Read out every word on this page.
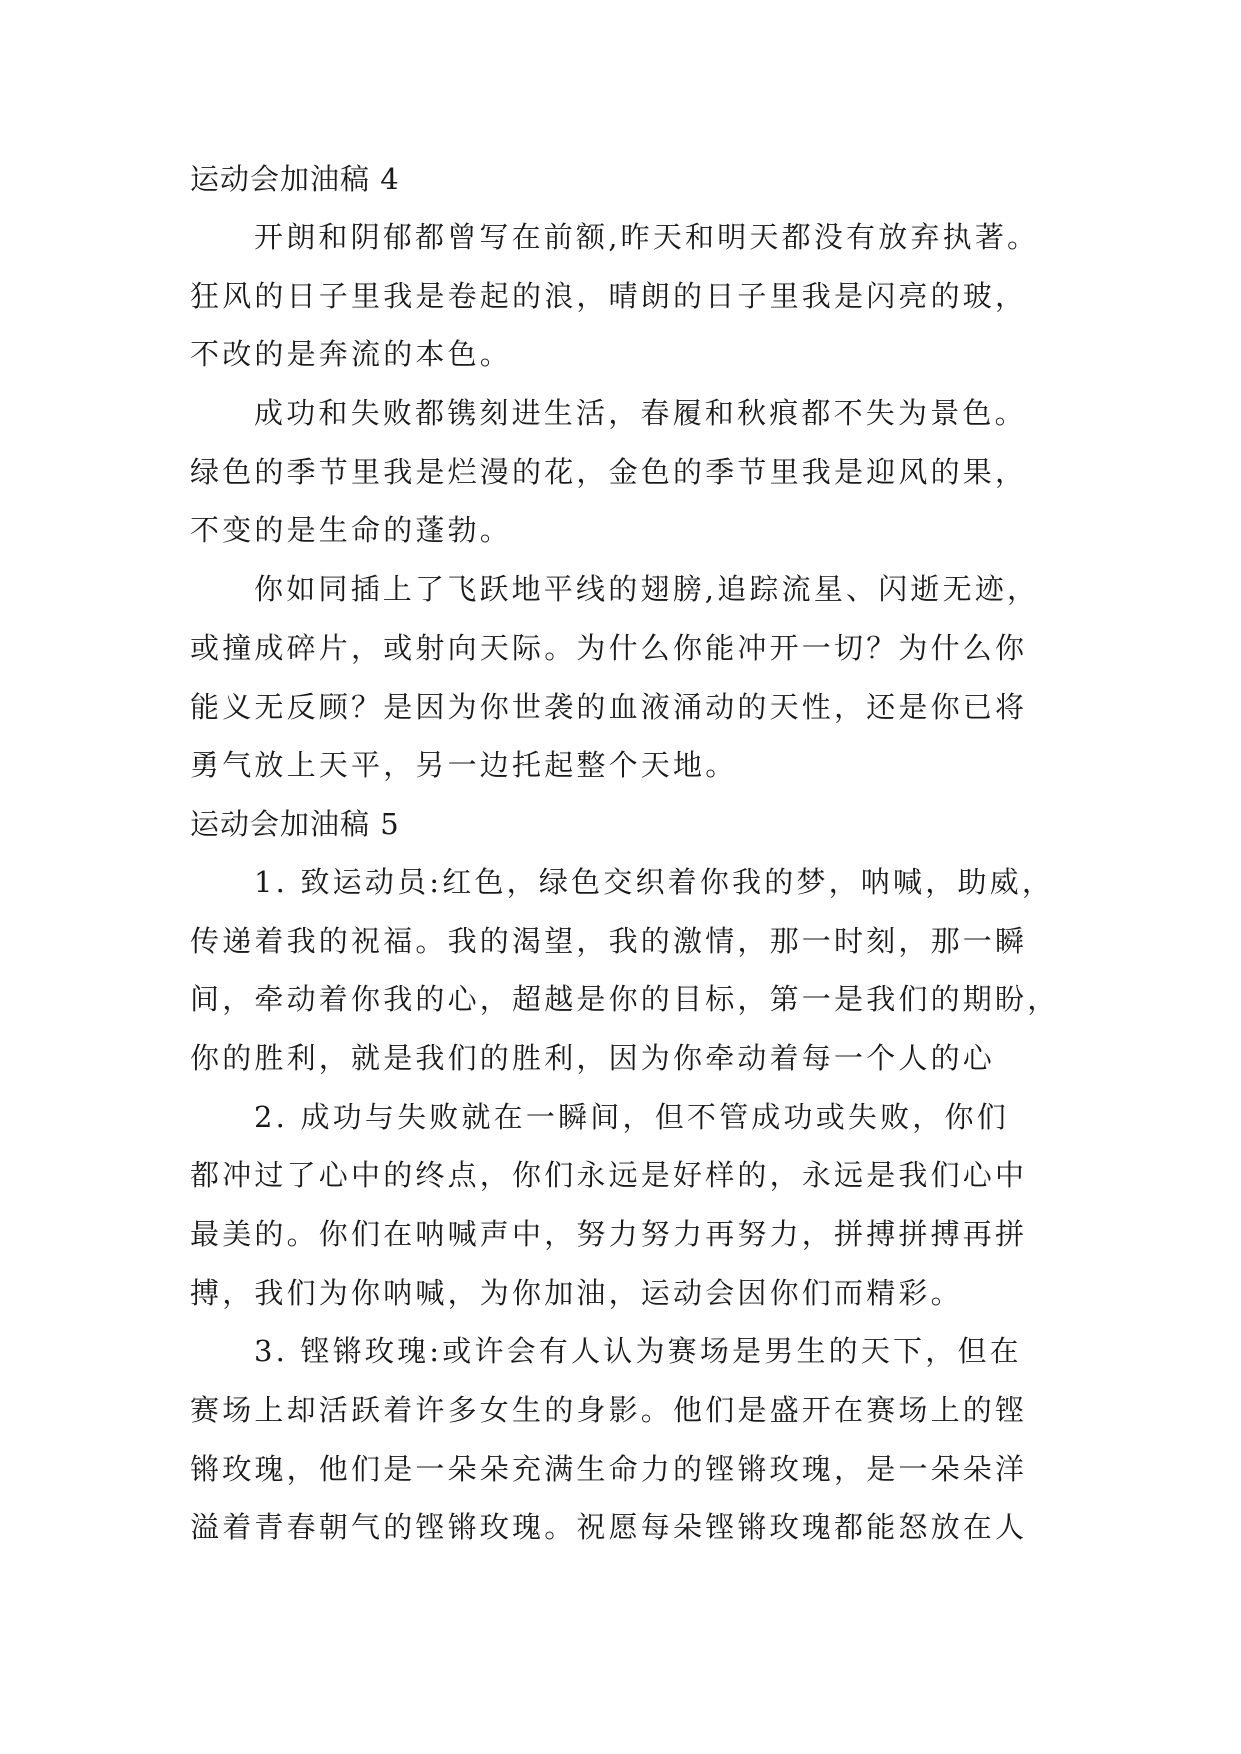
运动会加油稿 4
开朗和阴郁都曾写在前额,昨天和明天都没有放弃执著。
狂风的日子里我是卷起的浪，晴朗的日子里我是闪亮的玻，
不改的是奔流的本色。
成功和失败都镌刻进生活，春履和秋痕都不失为景色。
绿色的季节里我是烂漫的花，金色的季节里我是迎风的果，
不变的是生命的蓬勃。
你如同插上了飞跃地平线的翅膀,追踪流星、闪逝无迹，
或撞成碎片，或射向天际。为什么你能冲开一切？为什么你
能义无反顾？是因为你世袭的血液涌动的天性，还是你已将
勇气放上天平，另一边托起整个天地。
运动会加油稿 5
1. 致运动员:红色，绿色交织着你我的梦，呐喊，助威，
传递着我的祝福。我的渴望，我的激情，那一时刻，那一瞬
间，牵动着你我的心，超越是你的目标，第一是我们的期盼，
你的胜利，就是我们的胜利，因为你牵动着每一个人的心
2. 成功与失败就在一瞬间，但不管成功或失败，你们
都冲过了心中的终点，你们永远是好样的，永远是我们心中
最美的。你们在呐喊声中，努力努力再努力，拼搏拼搏再拼
搏，我们为你呐喊，为你加油，运动会因你们而精彩。
3. 铿锵玫瑰:或许会有人认为赛场是男生的天下，但在
赛场上却活跃着许多女生的身影。他们是盛开在赛场上的铿
锵玫瑰，他们是一朵朵充满生命力的铿锵玫瑰，是一朵朵洋
溢着青春朝气的铿锵玫瑰。祝愿每朵铿锵玫瑰都能怒放在人
